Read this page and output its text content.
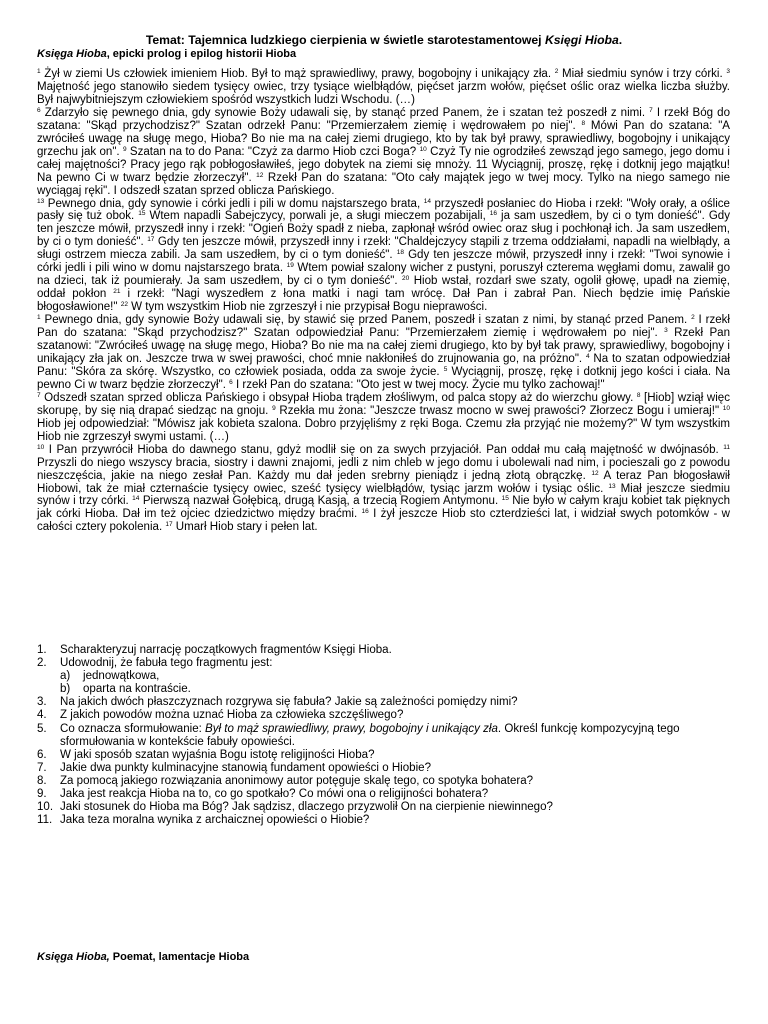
Temat: Tajemnica ludzkiego cierpienia w świetle starotestamentowej Księgi Hioba.
Księga Hioba, epicki prolog i epilog historii Hioba

$^1$ Żył w ziemi Us człowiek imieniem Hiob. Był to mąż sprawiedliwy, prawy, bogobojny i unikający zła. $^2$ Miał siedmiu synów i trzy córki. $^3$ Majętność jego stanowiło siedem tysięcy owiec, trzy tysiące wielbłądów, pięćset jarzm wołów, pięćset oślic oraz wielka liczba służby. Był najwybitniejszym człowiekiem spośród wszystkich ludzi Wschodu. (…)

$^6$ Zdarzyło się pewnego dnia, gdy synowie Boży udawali się, by stanąć przed Panem, że i szatan też poszedł z nimi. $^7$ I rzekł Bóg do szatana: "Skąd przychodzisz?" Szatan odrzekł Panu: "Przemierzałem ziemię i wędrowałem po niej". $^8$ Mówi Pan do szatana: "A zwróciłeś uwagę na sługę mego, Hioba? Bo nie ma na całej ziemi drugiego, kto by tak był prawy, sprawiedliwy, bogobojny i unikający grzechu jak on". $^9$ Szatan na to do Pana: "Czyż za darmo Hiob czci Boga? $^{10}$ Czyż Ty nie ogrodziłeś zewsząd jego samego, jego domu i całej majętności? Pracy jego rąk pobłogosławiłeś, jego dobytek na ziemi się mnoży. 11 Wyciągnij, proszę, rękę i dotknij jego majątku! Na pewno Ci w twarz będzie złorzeczył". $^{12}$ Rzekł Pan do szatana: "Oto cały majątek jego w twej mocy. Tylko na niego samego nie wyciągaj ręki". I odszedł szatan sprzed oblicza Pańskiego.

$^{13}$ Pewnego dnia, gdy synowie i córki jedli i pili w domu najstarszego brata, $^{14}$ przyszedł posłaniec do Hioba i rzekł: "Woły orały, a oślice pasły się tuż obok. $^{15}$ Wtem napadli Sabejczycy, porwali je, a sługi mieczem pozabijali, $^{16}$ ja sam uszedłem, by ci o tym donieść". Gdy ten jeszcze mówił, przyszedł inny i rzekł: "Ogień Boży spadł z nieba, zapłonął wśród owiec oraz sług i pochłonął ich. Ja sam uszedłem, by ci o tym donieść". $^{17}$ Gdy ten jeszcze mówił, przyszedł inny i rzekł: "Chaldejczycy stąpili z trzema oddziałami, napadli na wielbłądy, a sługi ostrzem miecza zabili. Ja sam uszedłem, by ci o tym donieść". $^{18}$ Gdy ten jeszcze mówił, przyszedł inny i rzekł: "Twoi synowie i córki jedli i pili wino w domu najstarszego brata. $^{19}$ Wtem powiał szalony wicher z pustyni, poruszył czterema węgłami domu, zawalił go na dzieci, tak iż poumierały. Ja sam uszedłem, by ci o tym donieść". $^{20}$ Hiob wstał, rozdarł swe szaty, ogolił głowę, upadł na ziemię, oddał pokłon $^{21}$ i rzekł: "Nagi wyszedłem z łona matki i nagi tam wrócę. Dał Pan i zabrał Pan. Niech będzie imię Pańskie błogosławione!" $^{22}$ W tym wszystkim Hiob nie zgrzeszył i nie przypisał Bogu nieprawości.

$^1$ Pewnego dnia, gdy synowie Boży udawali się, by stawić się przed Panem, poszedł i szatan z nimi, by stanąć przed Panem. $^2$ I rzekł Pan do szatana: "Skąd przychodzisz?" Szatan odpowiedział Panu: "Przemierzałem ziemię i wędrowałem po niej". $^3$ Rzekł Pan szatanowi: "Zwróciłeś uwagę na sługę mego, Hioba? Bo nie ma na całej ziemi drugiego, kto by był tak prawy, sprawiedliwy, bogobojny i unikający zła jak on. Jeszcze trwa w swej prawości, choć mnie nakłoniłeś do zrujnowania go, na próżno". $^4$ Na to szatan odpowiedział Panu: "Skóra za skórę. Wszystko, co człowiek posiada, odda za swoje życie. $^5$ Wyciągnij, proszę, rękę i dotknij jego kości i ciała. Na pewno Ci w twarz będzie złorzeczył". $^6$ I rzekł Pan do szatana: "Oto jest w twej mocy. Życie mu tylko zachowaj!"

$^7$ Odszedł szatan sprzed oblicza Pańskiego i obsypał Hioba trądem złośliwym, od palca stopy aż do wierzchu głowy. $^8$ [Hiob] wziął więc skorupę, by się nią drapać siedząc na gnoju. $^9$ Rzekła mu żona: "Jeszcze trwasz mocno w swej prawości? Złorzecz Bogu i umieraj!" $^{10}$ Hiob jej odpowiedział: "Mówisz jak kobieta szalona. Dobro przyjęliśmy z ręki Boga. Czemu zła przyjąć nie możemy?" W tym wszystkim Hiob nie zgrzeszył swymi ustami. (…)

$^{10}$ I Pan przywrócił Hioba do dawnego stanu, gdyż modlił się on za swych przyjaciół. Pan oddał mu całą majętność w dwójnasób. $^{11}$ Przyszli do niego wszyscy bracia, siostry i dawni znajomi, jedli z nim chleb w jego domu i ubolewali nad nim, i pocieszali go z powodu nieszczęścia, jakie na niego zesłał Pan. Każdy mu dał jeden srebrny pieniądz i jedną złotą obrączkę. $^{12}$ A teraz Pan błogosławił Hiobowi, tak że miał czternaście tysięcy owiec, sześć tysięcy wielbłądów, tysiąc jarzm wołów i tysiąc oślic. $^{13}$ Miał jeszcze siedmiu synów i trzy córki. $^{14}$ Pierwszą nazwał Gołębicą, drugą Kasją, a trzecią Rogiem Antymonu. $^{15}$ Nie było w całym kraju kobiet tak pięknych jak córki Hioba. Dał im też ojciec dziedzictwo między braćmi. $^{16}$ I żył jeszcze Hiob sto czterdzieści lat, i widział swych potomków - w całości cztery pokolenia. $^{17}$ Umarł Hiob stary i pełen lat.

1. Scharakteryzuj narrację początkowych fragmentów Księgi Hioba.
2. Udowodnij, że fabuła tego fragmentu jest:
a) jednowątkowa,
b) oparta na kontraście.
3. Na jakich dwóch płaszczyznach rozgrywa się fabuła? Jakie są zależności pomiędzy nimi?
4. Z jakich powodów można uznać Hioba za człowieka szczęśliwego?
5. Co oznacza sformułowanie: Był to mąż sprawiedliwy, prawy, bogobojny i unikający zła. Określ funkcję kompozycyjną tego sformułowania w kontekście fabuły opowieści.
6. W jaki sposób szatan wyjaśnia Bogu istotę religijności Hioba?
7. Jakie dwa punkty kulminacyjne stanowią fundament opowieści o Hiobie?
8. Za pomocą jakiego rozwiązania anonimowy autor potęguje skalę tego, co spotyka bohatera?
9. Jaka jest reakcja Hioba na to, co go spotkało? Co mówi ona o religijności bohatera?
10. Jaki stosunek do Hioba ma Bóg? Jak sądzisz, dlaczego przyzwolił On na cierpienie niewinnego?
11. Jaka teza moralna wynika z archaicznej opowieści o Hiobie?
Księga Hioba, Poemat, lamentacje Hioba
